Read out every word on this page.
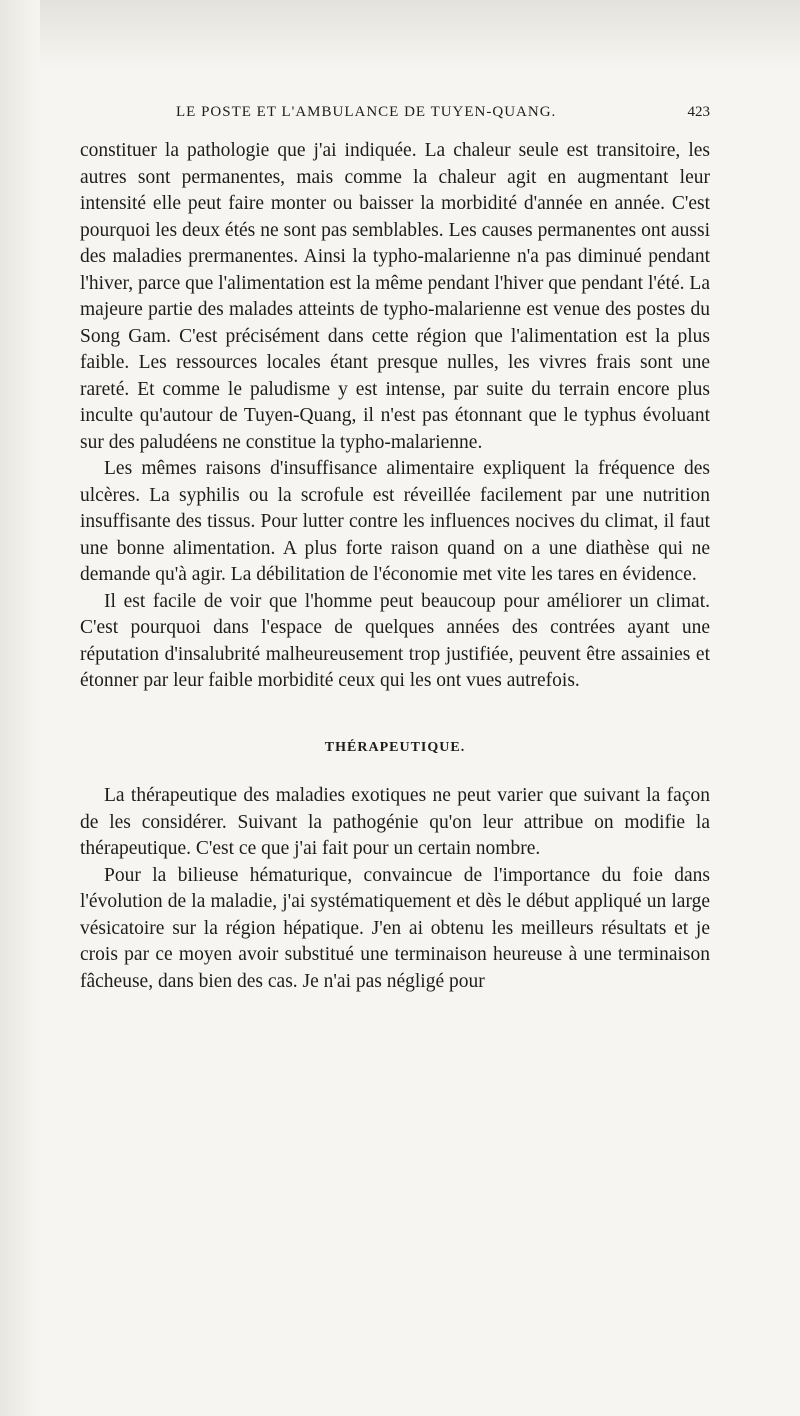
LE POSTE ET L'AMBULANCE DE TUYEN-QUANG.	423

constituer la pathologie que j'ai indiquée. La chaleur seule est transitoire, les autres sont permanentes, mais comme la chaleur agit en augmentant leur intensité elle peut faire monter ou baisser la morbidité d'année en année. C'est pourquoi les deux étés ne sont pas semblables. Les causes permanentes ont aussi des maladies prermanentes. Ainsi la typho-malarienne n'a pas diminué pendant l'hiver, parce que l'alimentation est la même pendant l'hiver que pendant l'été. La majeure partie des malades atteints de typho-malarienne est venue des postes du Song Gam. C'est précisément dans cette région que l'alimentation est la plus faible. Les ressources locales étant presque nulles, les vivres frais sont une rareté. Et comme le paludisme y est intense, par suite du terrain encore plus inculte qu'autour de Tuyen-Quang, il n'est pas étonnant que le typhus évoluant sur des paludéens ne constitue la typho-malarienne.

Les mêmes raisons d'insuffisance alimentaire expliquent la fréquence des ulcères. La syphilis ou la scrofule est réveillée facilement par une nutrition insuffisante des tissus. Pour lutter contre les influences nocives du climat, il faut une bonne alimentation. A plus forte raison quand on a une diathèse qui ne demande qu'à agir. La débilitation de l'économie met vite les tares en évidence.

Il est facile de voir que l'homme peut beaucoup pour améliorer un climat. C'est pourquoi dans l'espace de quelques années des contrées ayant une réputation d'insalubrité malheureusement trop justifiée, peuvent être assainies et étonner par leur faible morbidité ceux qui les ont vues autrefois.

THÉRAPEUTIQUE.

La thérapeutique des maladies exotiques ne peut varier que suivant la façon de les considérer. Suivant la pathogénie qu'on leur attribue on modifie la thérapeutique. C'est ce que j'ai fait pour un certain nombre.

Pour la bilieuse hématurique, convaincue de l'importance du foie dans l'évolution de la maladie, j'ai systématiquement et dès le début appliqué un large vésicatoire sur la région hépatique. J'en ai obtenu les meilleurs résultats et je crois par ce moyen avoir substitué une terminaison heureuse à une terminaison fâcheuse, dans bien des cas. Je n'ai pas négligé pour
